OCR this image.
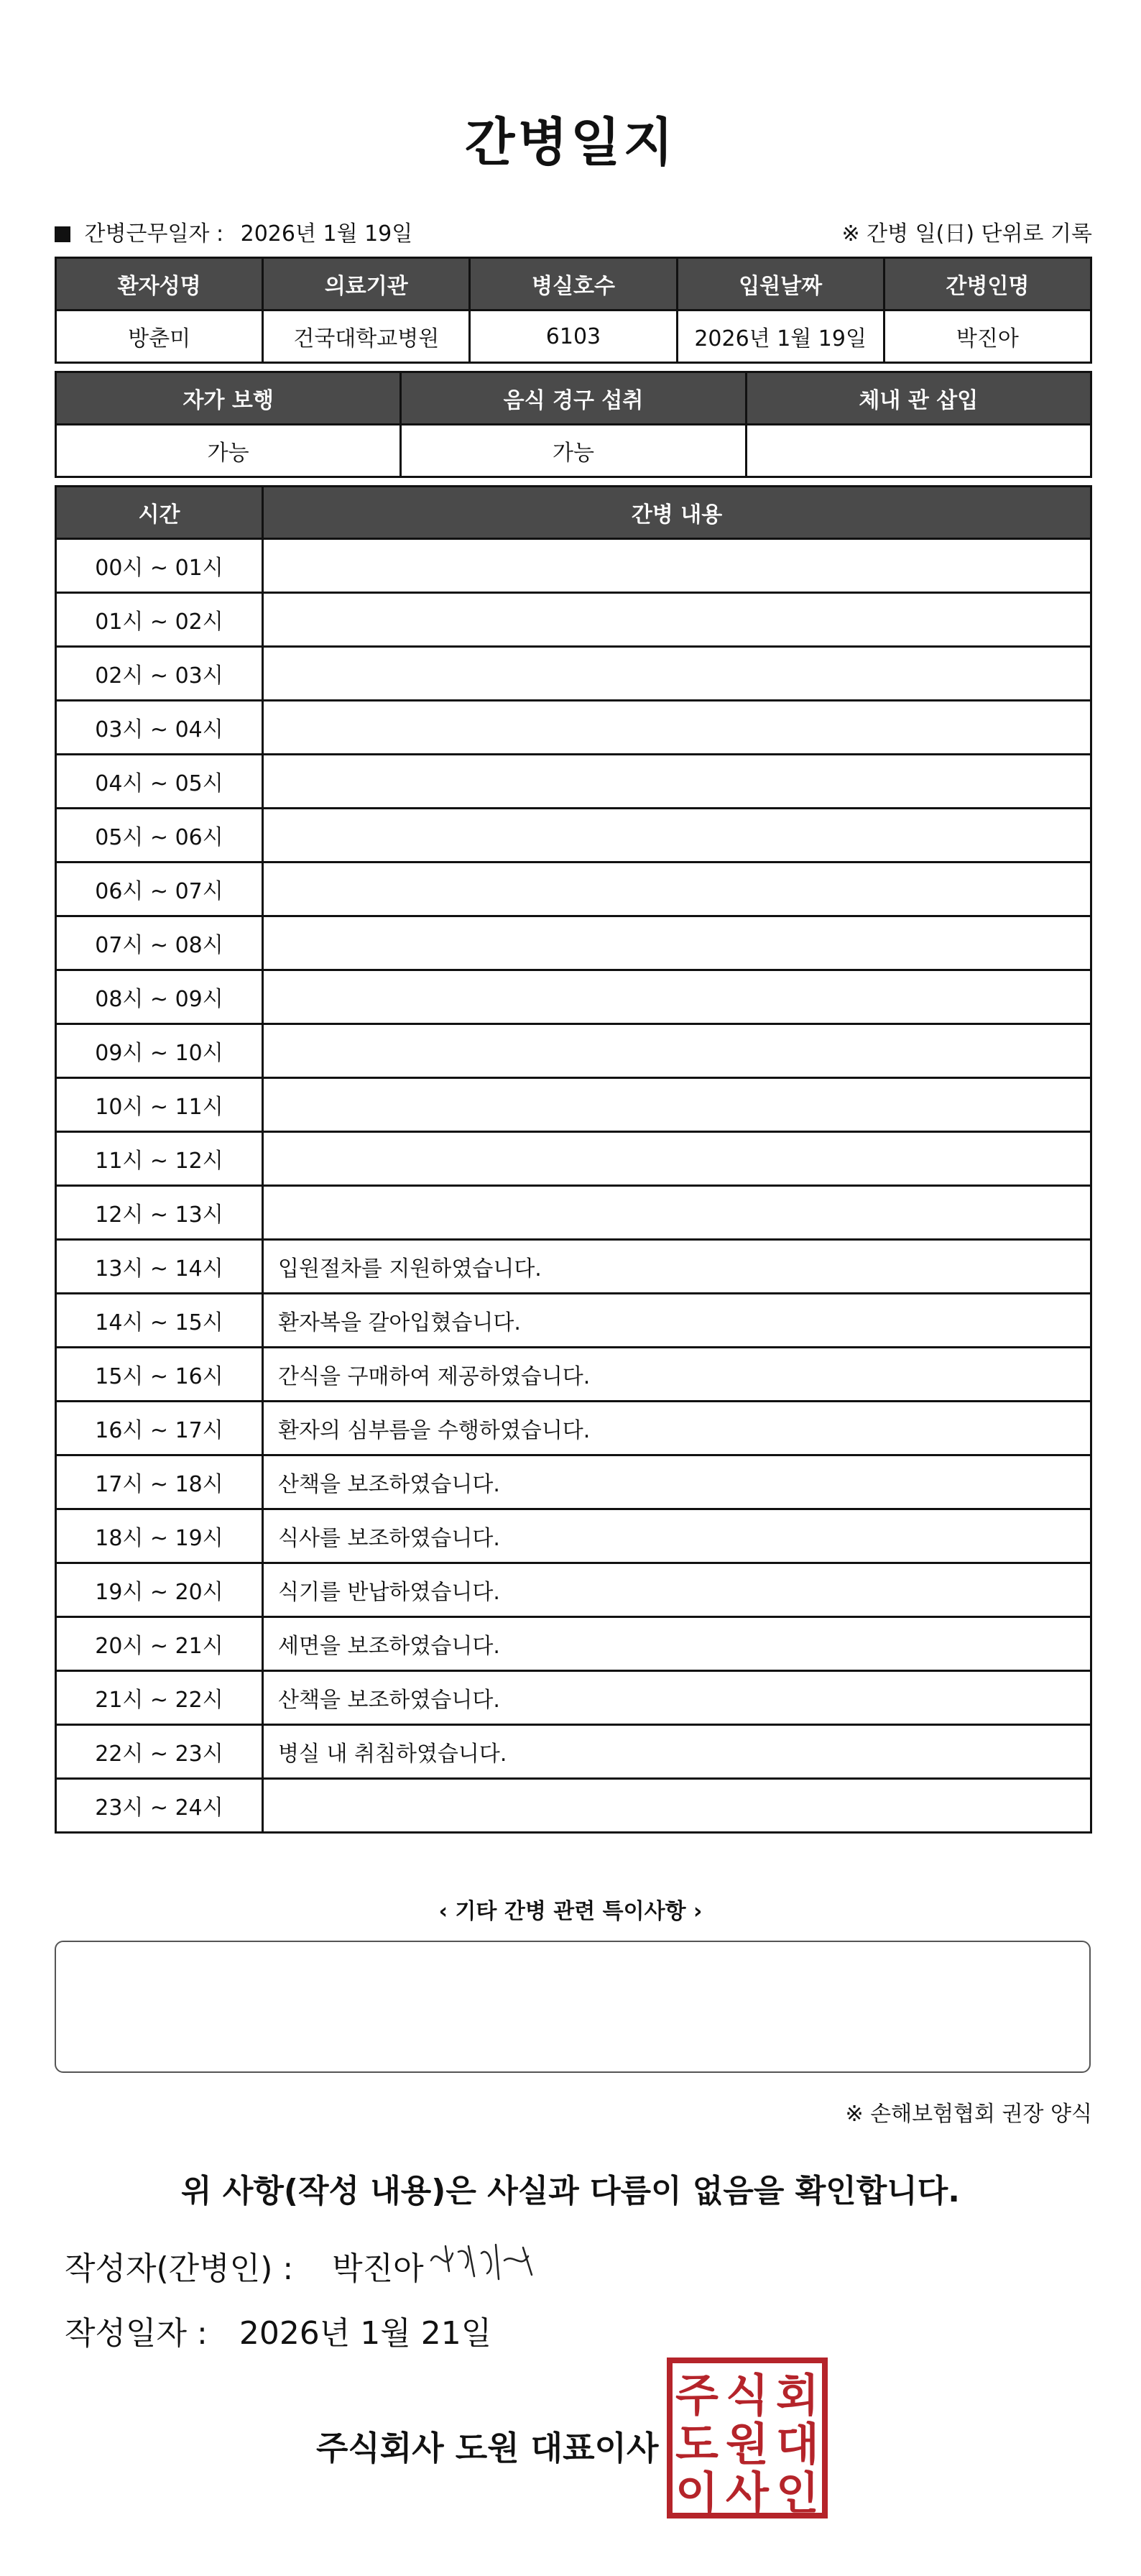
간병일지
간병근무일자 : 2026년 1월 19일	※ 간병 일(日) 단위로 기록
환자성명	의료기관	병실호수	입원날짜	간병인명
방춘미	건국대학교병원	6103	2026년 1월 19일	박진아
자가 보행	음식 경구 섭취	체내 관 삽입
가능	가능	
시간	간병 내용
00시 ~ 01시	
01시 ~ 02시	
02시 ~ 03시	
03시 ~ 04시	
04시 ~ 05시	
05시 ~ 06시	
06시 ~ 07시	
07시 ~ 08시	
08시 ~ 09시	
09시 ~ 10시	
10시 ~ 11시	
11시 ~ 12시	
12시 ~ 13시	
13시 ~ 14시	입원절차를 지원하였습니다.
14시 ~ 15시	환자복을 갈아입혔습니다.
15시 ~ 16시	간식을 구매하여 제공하였습니다.
16시 ~ 17시	환자의 심부름을 수행하였습니다.
17시 ~ 18시	산책을 보조하였습니다.
18시 ~ 19시	식사를 보조하였습니다.
19시 ~ 20시	식기를 반납하였습니다.
20시 ~ 21시	세면을 보조하였습니다.
21시 ~ 22시	산책을 보조하였습니다.
22시 ~ 23시	병실 내 취침하였습니다.
23시 ~ 24시	
‹ 기타 간병 관련 특이사항 ›
※ 손해보험협회 권장 양식
위 사항(작성 내용)은 사실과 다름이 없음을 확인합니다.
작성자(간병인) : 박진아
작성일자 : 2026년 1월 21일
주식회사 도원 대표이사
주 식 회
도 원 대
이 사 인
